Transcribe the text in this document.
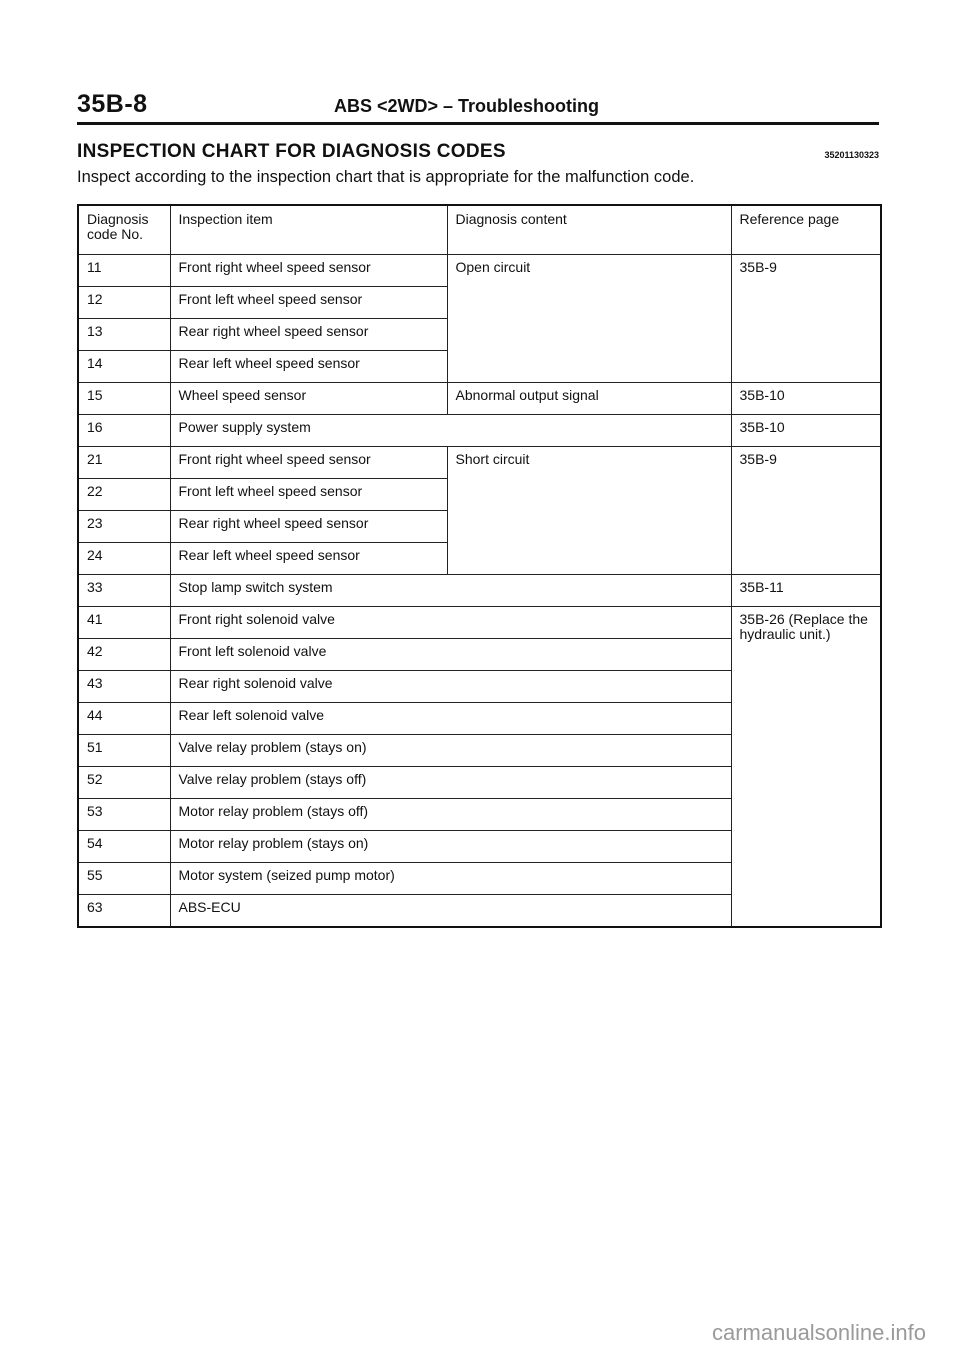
35B-8	ABS <2WD> – Troubleshooting
INSPECTION CHART FOR DIAGNOSIS CODES	35201130323
Inspect according to the inspection chart that is appropriate for the malfunction code.
Diagnosis code No.	Inspection item	Diagnosis content	Reference page
11	Front right wheel speed sensor	Open circuit	35B-9
12	Front left wheel speed sensor		
13	Rear right wheel speed sensor		
14	Rear left wheel speed sensor		
15	Wheel speed sensor	Abnormal output signal	35B-10
16	Power supply system		35B-10
21	Front right wheel speed sensor	Short circuit	35B-9
22	Front left wheel speed sensor		
23	Rear right wheel speed sensor		
24	Rear left wheel speed sensor		
33	Stop lamp switch system		35B-11
41	Front right solenoid valve		35B-26 (Replace the hydraulic unit.)
42	Front left solenoid valve		
43	Rear right solenoid valve		
44	Rear left solenoid valve		
51	Valve relay problem (stays on)		
52	Valve relay problem (stays off)		
53	Motor relay problem (stays off)		
54	Motor relay problem (stays on)		
55	Motor system (seized pump motor)		
63	ABS-ECU		
carmanualsonline.info
